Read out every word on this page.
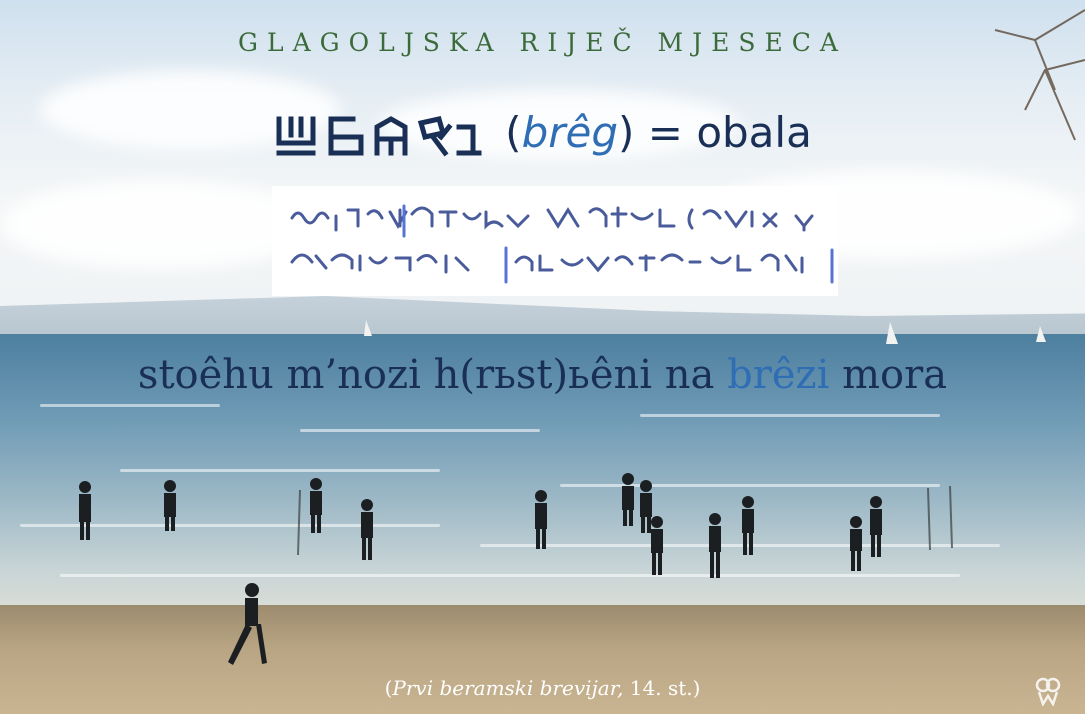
GLAGOLJSKA RIJEČ MJESECA
(brêg) = obala
stoêhu m’nozi h(rьst)ьêni na brêzi mora
(Prvi beramski brevijar, 14. st.)
